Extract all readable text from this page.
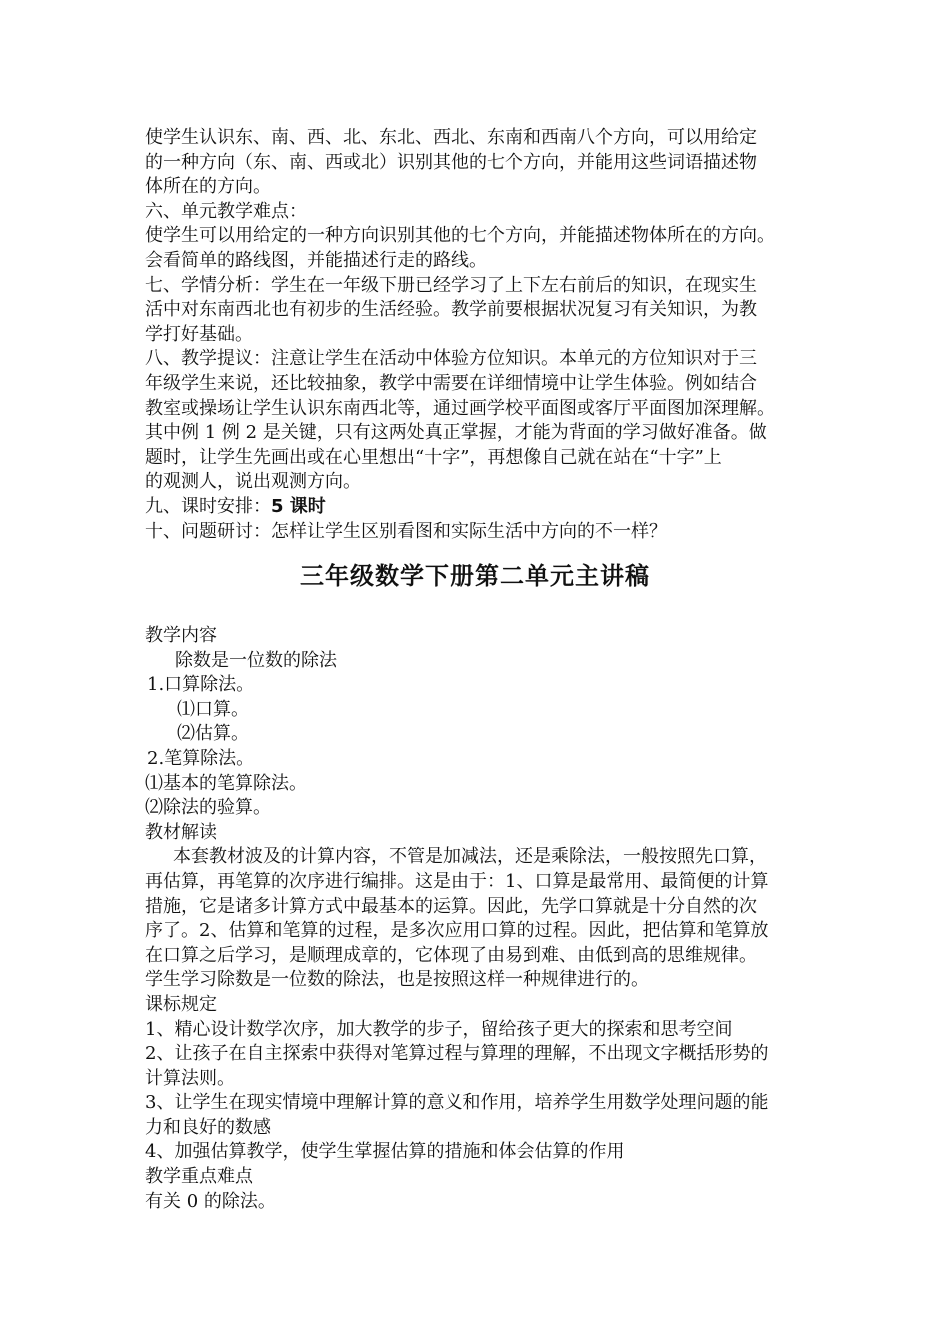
使学生认识东、南、西、北、东北、西北、东南和西南八个方向，可以用给定
的一种方向（东、南、西或北）识别其他的七个方向，并能用这些词语描述物
体所在的方向。
六、单元教学难点：
使学生可以用给定的一种方向识别其他的七个方向，并能描述物体所在的方向。
会看简单的路线图，并能描述行走的路线。
七、学情分析：学生在一年级下册已经学习了上下左右前后的知识，在现实生
活中对东南西北也有初步的生活经验。教学前要根据状况复习有关知识，为教
学打好基础。
八、教学提议：注意让学生在活动中体验方位知识。本单元的方位知识对于三
年级学生来说，还比较抽象，教学中需要在详细情境中让学生体验。例如结合
教室或操场让学生认识东南西北等，通过画学校平面图或客厅平面图加深理解。
其中例 1 例 2 是关键，只有这两处真正掌握，才能为背面的学习做好准备。做
题时，让学生先画出或在心里想出“十字”，再想像自己就在站在“十字”上
的观测人，说出观测方向。
九、课时安排：5 课时
十、问题研讨：怎样让学生区别看图和实际生活中方向的不一样？
三年级数学下册第二单元主讲稿
教学内容
除数是一位数的除法
1.口算除法。
⑴口算。
⑵估算。
2.笔算除法。
⑴基本的笔算除法。
⑵除法的验算。
教材解读
本套教材波及的计算内容，不管是加减法，还是乘除法，一般按照先口算，
再估算，再笔算的次序进行编排。这是由于：1、口算是最常用、最简便的计算
措施，它是诸多计算方式中最基本的运算。因此，先学口算就是十分自然的次
序了。2、估算和笔算的过程，是多次应用口算的过程。因此，把估算和笔算放
在口算之后学习，是顺理成章的，它体现了由易到难、由低到高的思维规律。
学生学习除数是一位数的除法，也是按照这样一种规律进行的。
课标规定
1、精心设计数学次序，加大教学的步子，留给孩子更大的探索和思考空间
2、让孩子在自主探索中获得对笔算过程与算理的理解，不出现文字概括形势的
计算法则。
3、让学生在现实情境中理解计算的意义和作用，培养学生用数学处理问题的能
力和良好的数感
4、加强估算教学，使学生掌握估算的措施和体会估算的作用
教学重点难点
有关 0 的除法。
